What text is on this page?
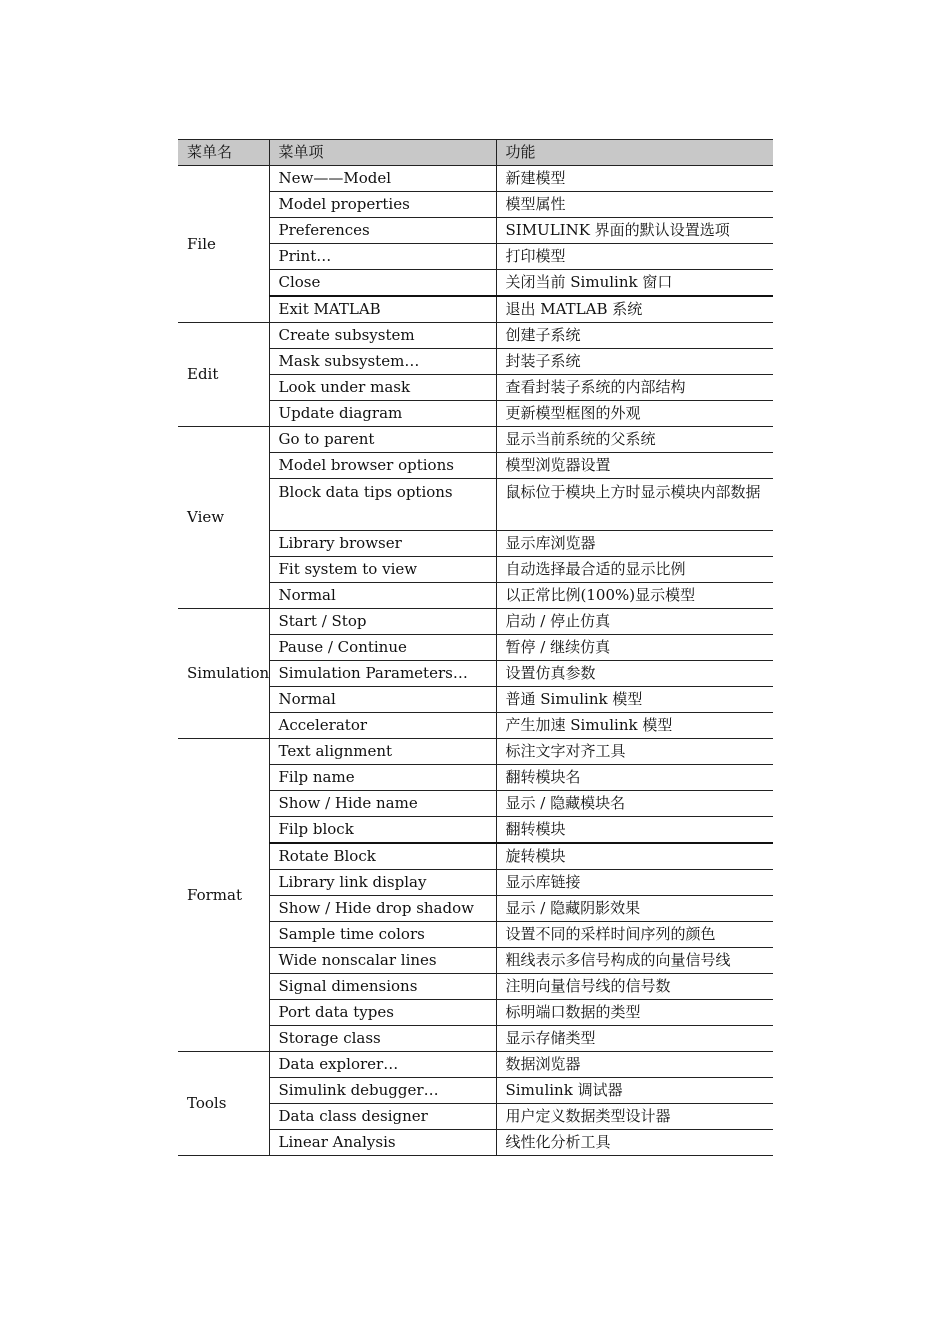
菜单名	菜单项	功能
File	New——Model	新建模型
	Model properties	模型属性
	Preferences	SIMULINK 界面的默认设置选项
	Print…	打印模型
	Close	关闭当前 Simulink 窗口
	Exit MATLAB	退出 MATLAB 系统
Edit	Create subsystem	创建子系统
	Mask subsystem…	封装子系统
	Look under mask	查看封装子系统的内部结构
	Update diagram	更新模型框图的外观
View	Go to parent	显示当前系统的父系统
	Model browser options	模型浏览器设置
	Block data tips options	鼠标位于模块上方时显示模块内部数据
	Library browser	显示库浏览器
	Fit system to view	自动选择最合适的显示比例
	Normal	以正常比例(100%)显示模型
Simulation	Start / Stop	启动 / 停止仿真
	Pause / Continue	暂停 / 继续仿真
	Simulation Parameters…	设置仿真参数
	Normal	普通 Simulink 模型
	Accelerator	产生加速 Simulink 模型
Format	Text alignment	标注文字对齐工具
	Filp name	翻转模块名
	Show / Hide name	显示 / 隐藏模块名
	Filp block	翻转模块
	Rotate Block	旋转模块
	Library link display	显示库链接
	Show / Hide drop shadow	显示 / 隐藏阴影效果
	Sample time colors	设置不同的采样时间序列的颜色
	Wide nonscalar lines	粗线表示多信号构成的向量信号线
	Signal dimensions	注明向量信号线的信号数
	Port data types	标明端口数据的类型
	Storage class	显示存储类型
Tools	Data explorer…	数据浏览器
	Simulink debugger…	Simulink 调试器
	Data class designer	用户定义数据类型设计器
	Linear Analysis	线性化分析工具
